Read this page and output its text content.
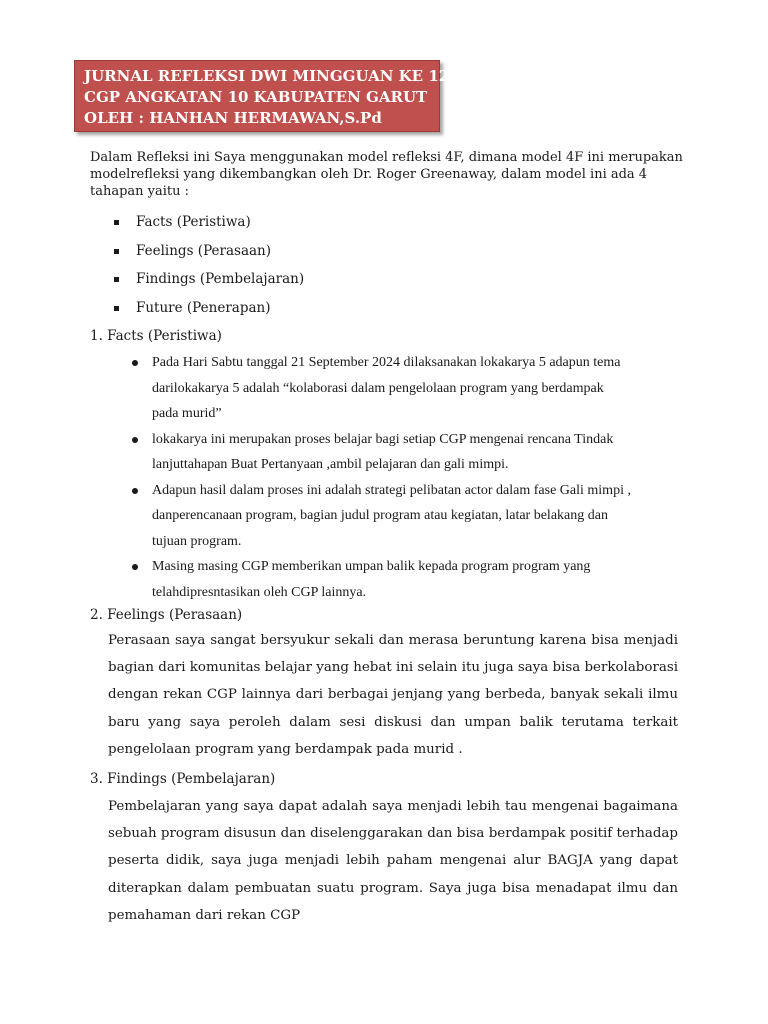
JURNAL REFLEKSI DWI MINGGUAN KE 12
CGP ANGKATAN 10 KABUPATEN GARUT
OLEH : HANHAN HERMAWAN,S.Pd
Dalam Refleksi ini Saya menggunakan model refleksi 4F, dimana model 4F ini merupakan modelrefleksi yang dikembangkan oleh Dr. Roger Greenaway, dalam model ini ada 4 tahapan yaitu :
Facts (Peristiwa)
Feelings (Perasaan)
Findings (Pembelajaran)
Future (Penerapan)
1. Facts (Peristiwa)
Pada Hari Sabtu tanggal 21 September 2024 dilaksanakan lokakarya 5 adapun tema
darilokakarya 5 adalah “kolaborasi dalam pengelolaan program yang berdampak
pada murid”
lokakarya ini merupakan proses belajar bagi setiap CGP mengenai rencana Tindak
lanjuttahapan Buat Pertanyaan ,ambil pelajaran dan gali mimpi.
Adapun hasil dalam proses ini adalah strategi pelibatan actor dalam fase Gali mimpi ,
danperencanaan program, bagian judul program atau kegiatan, latar belakang dan
tujuan program.
Masing masing CGP memberikan umpan balik kepada program program yang
telahdipresntasikan oleh CGP lainnya.
2. Feelings (Perasaan)
Perasaan saya sangat bersyukur sekali dan merasa beruntung karena bisa menjadi bagian dari komunitas belajar yang hebat ini selain itu juga saya bisa berkolaborasi dengan rekan CGP lainnya dari berbagai jenjang yang berbeda, banyak sekali ilmu baru yang saya peroleh dalam sesi diskusi dan umpan balik terutama terkait pengelolaan program yang berdampak pada murid .
3. Findings (Pembelajaran)
Pembelajaran yang saya dapat adalah saya menjadi lebih tau mengenai bagaimana sebuah program disusun dan diselenggarakan dan bisa berdampak positif terhadap peserta didik, saya juga menjadi lebih paham mengenai alur BAGJA yang dapat diterapkan dalam pembuatan suatu program. Saya juga bisa menadapat ilmu dan pemahaman dari rekan CGP
